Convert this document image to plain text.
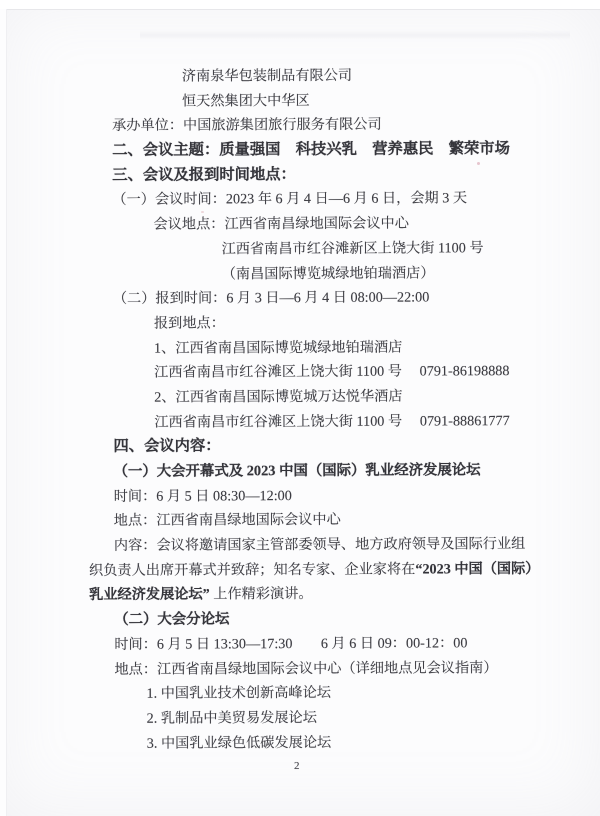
济南泉华包装制品有限公司
恒天然集团大中华区
承办单位：中国旅游集团旅行服务有限公司
二、会议主题：质量强国　科技兴乳　营养惠民　繁荣市场
三、会议及报到时间地点：
（一）会议时间：2023 年 6 月 4 日—6 月 6 日，会期 3 天
会议地点：江西省南昌绿地国际会议中心
江西省南昌市红谷滩新区上饶大街 1100 号
（南昌国际博览城绿地铂瑞酒店）
（二）报到时间：6 月 3 日—6 月 4 日 08:00—22:00
报到地点：
1、江西省南昌国际博览城绿地铂瑞酒店
江西省南昌市红谷滩区上饶大街 1100 号　 0791-86198888
2、江西省南昌国际博览城万达悦华酒店
江西省南昌市红谷滩区上饶大街 1100 号　 0791-88861777
四、会议内容：
（一）大会开幕式及 2023 中国（国际）乳业经济发展论坛
时间：6 月 5 日 08:30—12:00
地点：江西省南昌绿地国际会议中心
内容：会议将邀请国家主管部委领导、地方政府领导及国际行业组
织负责人出席开幕式并致辞；知名专家、企业家将在“2023 中国（国际）
乳业经济发展论坛” 上作精彩演讲。
（二）大会分论坛
时间：6 月 5 日 13:30—17:30　　6 月 6 日 09：00-12：00
地点：江西省南昌绿地国际会议中心（详细地点见会议指南）
1. 中国乳业技术创新高峰论坛
2. 乳制品中美贸易发展论坛
3. 中国乳业绿色低碳发展论坛
2
